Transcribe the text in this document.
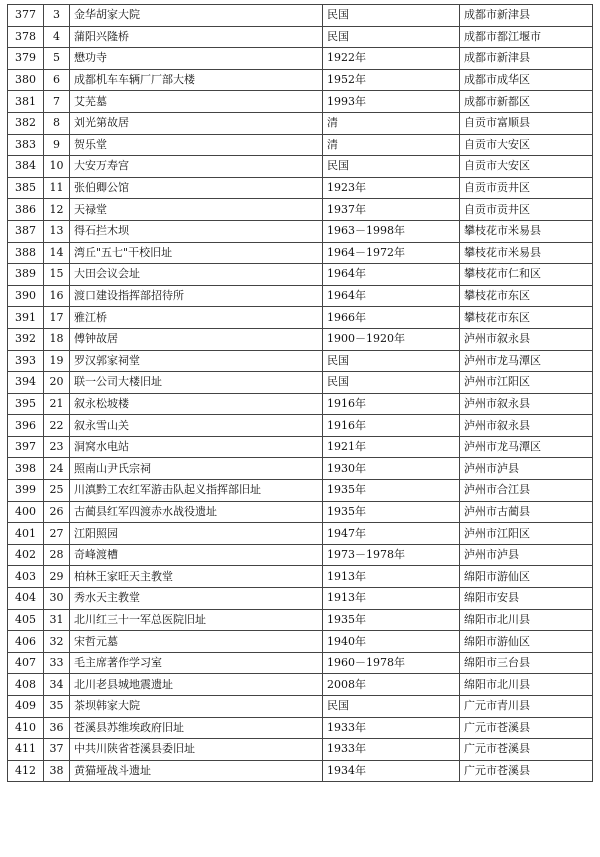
377	3	金华胡家大院	民国	成都市新津县
378	4	蒲阳兴隆桥	民国	成都市都江堰市
379	5	懋功寺	1922年	成都市新津县
380	6	成都机车车辆厂厂部大楼	1952年	成都市成华区
381	7	艾芜墓	1993年	成都市新都区
382	8	刘光第故居	清	自贡市富顺县
383	9	贺乐堂	清	自贡市大安区
384	10	大安万寿宫	民国	自贡市大安区
385	11	张伯卿公馆	1923年	自贡市贡井区
386	12	天禄堂	1937年	自贡市贡井区
387	13	得石拦木坝	1963－1998年	攀枝花市米易县
388	14	湾丘"五七"干校旧址	1964－1972年	攀枝花市米易县
389	15	大田会议会址	1964年	攀枝花市仁和区
390	16	渡口建设指挥部招待所	1964年	攀枝花市东区
391	17	雅江桥	1966年	攀枝花市东区
392	18	傅钟故居	1900－1920年	泸州市叙永县
393	19	罗汉郭家祠堂	民国	泸州市龙马潭区
394	20	联一公司大楼旧址	民国	泸州市江阳区
395	21	叙永松坡楼	1916年	泸州市叙永县
396	22	叙永雪山关	1916年	泸州市叙永县
397	23	洞窝水电站	1921年	泸州市龙马潭区
398	24	照南山尹氏宗祠	1930年	泸州市泸县
399	25	川滇黔工农红军游击队起义指挥部旧址	1935年	泸州市合江县
400	26	古蔺县红军四渡赤水战役遗址	1935年	泸州市古蔺县
401	27	江阳照园	1947年	泸州市江阳区
402	28	奇峰渡槽	1973－1978年	泸州市泸县
403	29	柏林王家旺天主教堂	1913年	绵阳市游仙区
404	30	秀水天主教堂	1913年	绵阳市安县
405	31	北川红三十一军总医院旧址	1935年	绵阳市北川县
406	32	宋哲元墓	1940年	绵阳市游仙区
407	33	毛主席著作学习室	1960－1978年	绵阳市三台县
408	34	北川老县城地震遗址	2008年	绵阳市北川县
409	35	茶坝韩家大院	民国	广元市青川县
410	36	苍溪县苏维埃政府旧址	1933年	广元市苍溪县
411	37	中共川陕省苍溪县委旧址	1933年	广元市苍溪县
412	38	黄猫垭战斗遗址	1934年	广元市苍溪县
